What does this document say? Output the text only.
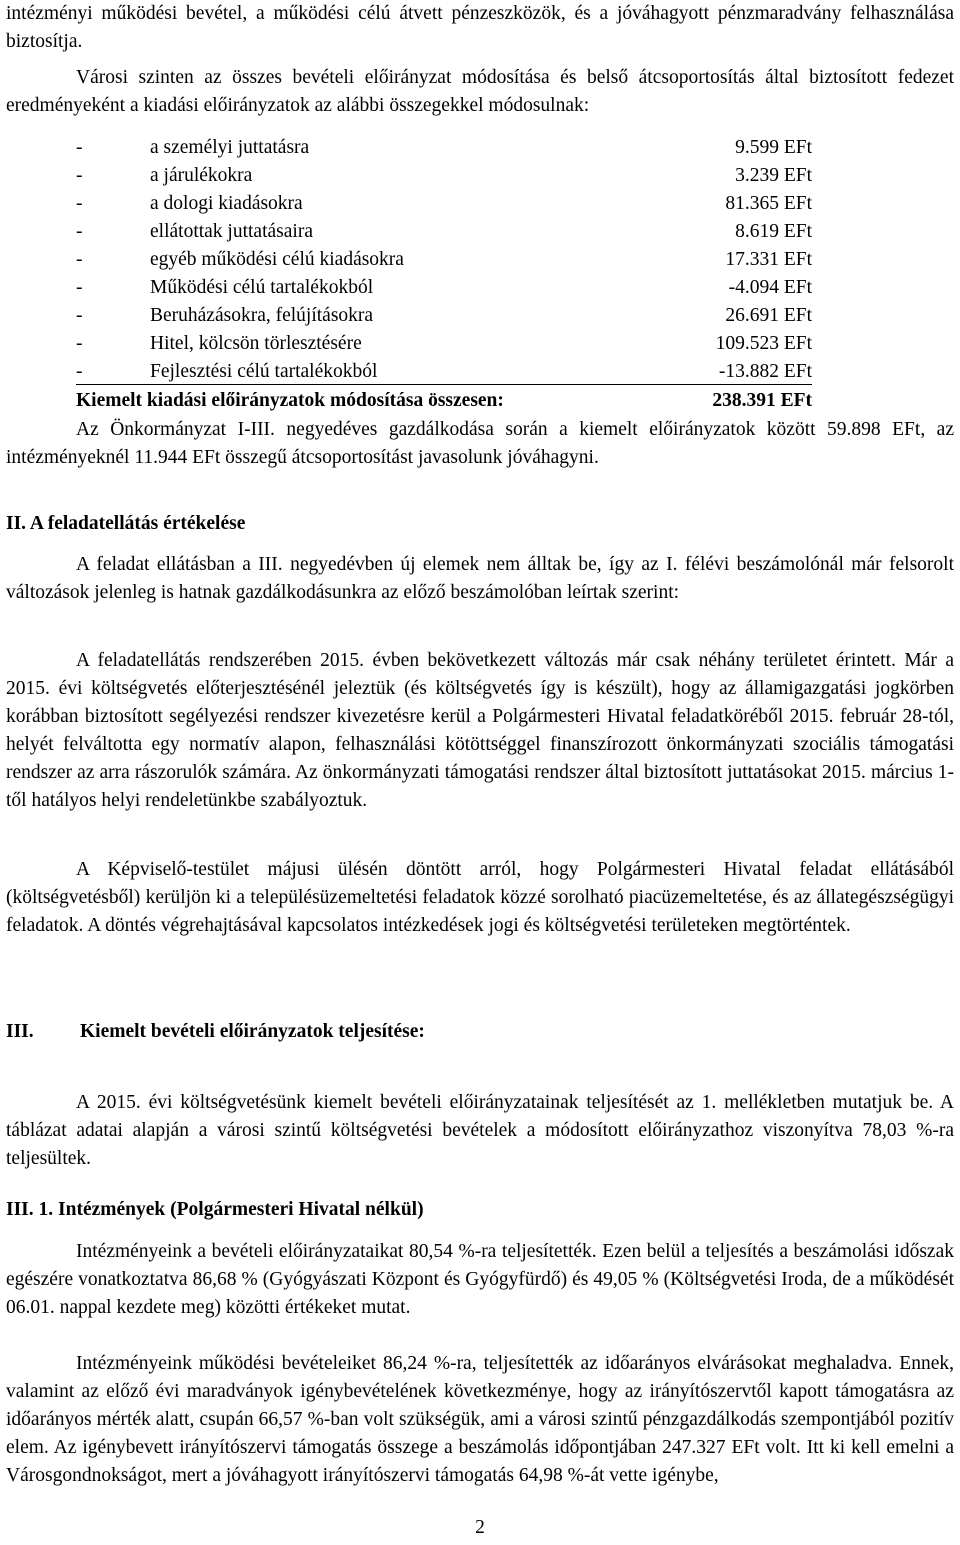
intézményi működési bevétel, a működési célú átvett pénzeszközök, és a jóváhagyott pénzmaradvány felhasználása biztosítja.

Városi szinten az összes bevételi előirányzat módosítása és belső átcsoportosítás által biztosított fedezet eredményeként a kiadási előirányzatok az alábbi összegekkel módosulnak:

-	a személyi juttatásra	9.599 EFt
-	a járulékokra	3.239 EFt
-	a dologi kiadásokra	81.365 EFt
-	ellátottak juttatásaira	8.619 EFt
-	egyéb működési célú kiadásokra	17.331 EFt
-	Működési célú tartalékokból	-4.094 EFt
-	Beruházásokra, felújításokra	26.691 EFt
-	Hitel, kölcsön törlesztésére	109.523 EFt
-	Fejlesztési célú tartalékokból	-13.882 EFt
Kiemelt kiadási előirányzatok módosítása összesen:	238.391 EFt

Az Önkormányzat I-III. negyedéves gazdálkodása során a kiemelt előirányzatok között 59.898 EFt, az intézményeknél 11.944 EFt összegű átcsoportosítást javasolunk jóváhagyni.

II. A feladatellátás értékelése

A feladat ellátásban a III. negyedévben új elemek nem álltak be, így az I. félévi beszámolónál már felsorolt változások jelenleg is hatnak gazdálkodásunkra az előző beszámolóban leírtak szerint:

A feladatellátás rendszerében 2015. évben bekövetkezett változás már csak néhány területet érintett. Már a 2015. évi költségvetés előterjesztésénél jeleztük (és költségvetés így is készült), hogy az államigazgatási jogkörben korábban biztosított segélyezési rendszer kivezetésre kerül a Polgármesteri Hivatal feladatköréből 2015. február 28-tól, helyét felváltotta egy normatív alapon, felhasználási kötöttséggel finanszírozott önkormányzati szociális támogatási rendszer az arra rászorulók számára. Az önkormányzati támogatási rendszer által biztosított juttatásokat 2015. március 1-től hatályos helyi rendeletünkbe szabályoztuk.

A Képviselő-testület májusi ülésén döntött arról, hogy Polgármesteri Hivatal feladat ellátásából (költségvetésből) kerüljön ki a településüzemeltetési feladatok közzé sorolható piacüzemeltetése, és az állategészségügyi feladatok. A döntés végrehajtásával kapcsolatos intézkedések jogi és költségvetési területeken megtörténtek.

III. Kiemelt bevételi előirányzatok teljesítése:

A 2015. évi költségvetésünk kiemelt bevételi előirányzatainak teljesítését az 1. mellékletben mutatjuk be. A táblázat adatai alapján a városi szintű költségvetési bevételek a módosított előirányzathoz viszonyítva 78,03 %-ra teljesültek.

III. 1. Intézmények (Polgármesteri Hivatal nélkül)

Intézményeink a bevételi előirányzataikat 80,54 %-ra teljesítették. Ezen belül a teljesítés a beszámolási időszak egészére vonatkoztatva 86,68 % (Gyógyászati Központ és Gyógyfürdő) és 49,05 % (Költségvetési Iroda, de a működését 06.01. nappal kezdete meg) közötti értékeket mutat.

Intézményeink működési bevételeiket 86,24 %-ra, teljesítették az időarányos elvárásokat meghaladva. Ennek, valamint az előző évi maradványok igénybevételének következménye, hogy az irányítószervtől kapott támogatásra az időarányos mérték alatt, csupán 66,57 %-ban volt szükségük, ami a városi szintű pénzgazdálkodás szempontjából pozitív elem. Az igénybevett irányítószervi támogatás összege a beszámolás időpontjában 247.327 EFt volt. Itt ki kell emelni a Városgondnokságot, mert a jóváhagyott irányítószervi támogatás 64,98 %-át vette igénybe,

2
